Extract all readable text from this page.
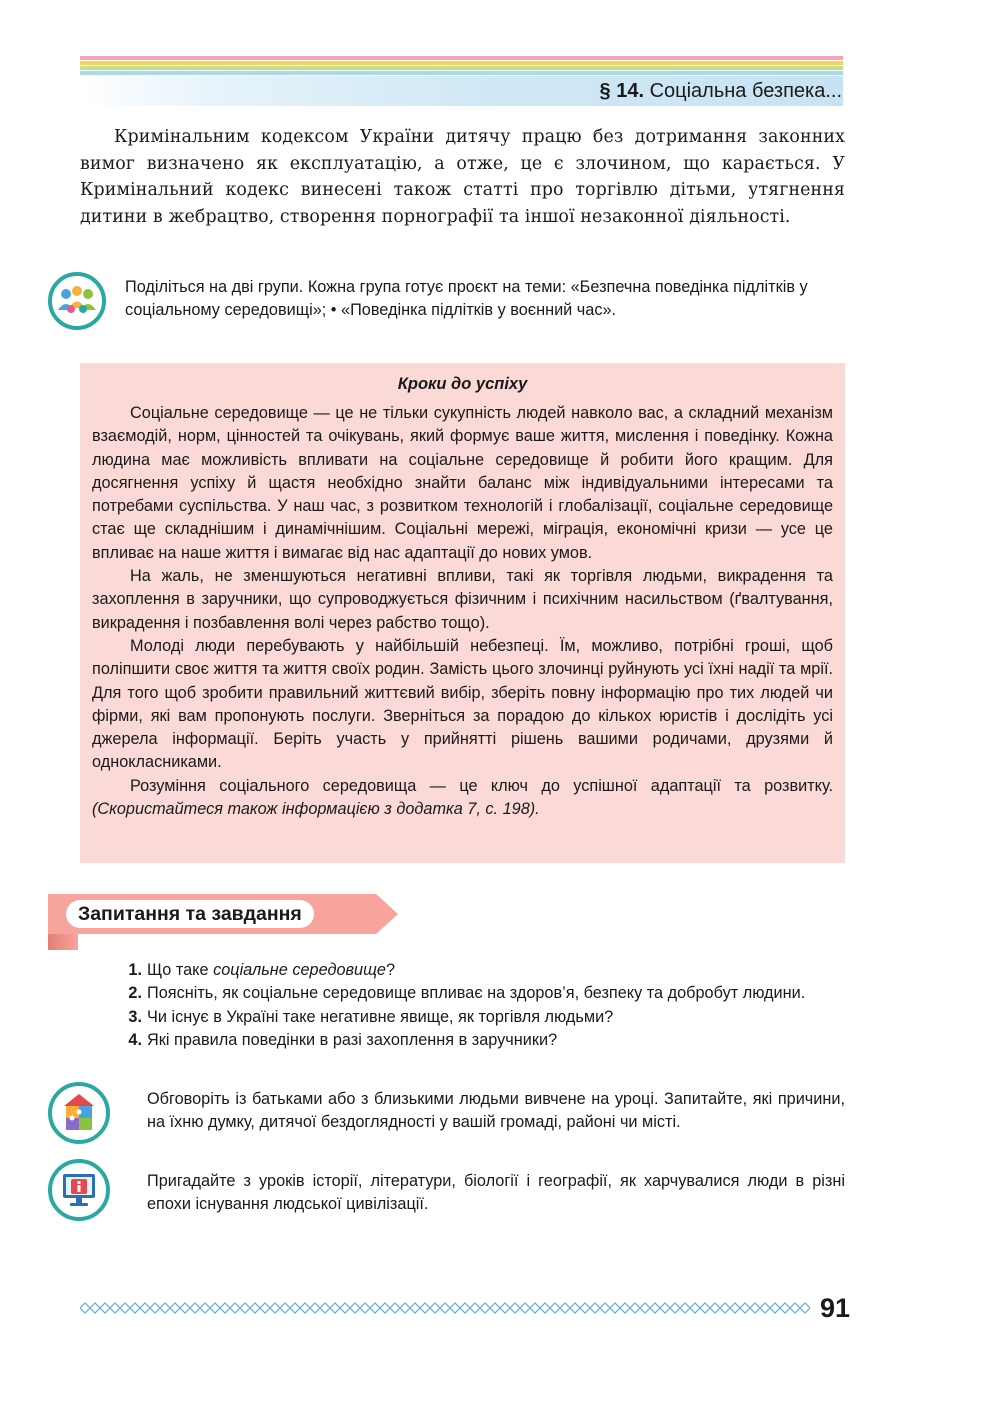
§ 14. Соціальна безпека...

Кримінальним кодексом України дитячу працю без дотримання законних вимог визначено як експлуатацію, а отже, це є злочином, що карається. У Кримінальний кодекс винесені також статті про торгівлю дітьми, утягнення дитини в жебрацтво, створення порнографії та іншої незаконної діяльності.

Поділіться на дві групи. Кожна група готує проєкт на теми: «Безпечна поведінка підлітків у соціальному середовищі»; • «Поведінка підлітків у воєнний час».

Кроки до успіху

Соціальне середовище — це не тільки сукупність людей навколо вас, а складний механізм взаємодій, норм, цінностей та очікувань, який формує ваше життя, мислення і поведінку. Кожна людина має можливість впливати на соціальне середовище й робити його кращим. Для досягнення успіху й щастя необхідно знайти баланс між індивідуальними інтересами та потребами суспільства. У наш час, з розвитком технологій і глобалізації, соціальне середовище стає ще складнішим і динамічнішим. Соціальні мережі, міграція, економічні кризи — усе це впливає на наше життя і вимагає від нас адаптації до нових умов.

На жаль, не зменшуються негативні впливи, такі як торгівля людьми, викрадення та захоплення в заручники, що супроводжується фізичним і психічним насильством (ґвалтування, викрадення і позбавлення волі через рабство тощо).

Молоді люди перебувають у найбільшій небезпеці. Їм, можливо, потрібні гроші, щоб поліпшити своє життя та життя своїх родин. Замість цього злочинці руйнують усі їхні надії та мрії. Для того щоб зробити правильний життєвий вибір, зберіть повну інформацію про тих людей чи фірми, які вам пропонують послуги. Зверніться за порадою до кількох юристів і дослідіть усі джерела інформації. Беріть участь у прийнятті рішень вашими родичами, друзями й однокласниками.

Розуміння соціального середовища — це ключ до успішної адаптації та розвитку. (Скористайтеся також інформацією з додатка 7, с. 198).

Запитання та завдання
1. Що таке соціальне середовище?
2. Поясніть, як соціальне середовище впливає на здоров’я, безпеку та добробут людини.
3. Чи існує в Україні таке негативне явище, як торгівля людьми?
4. Які правила поведінки в разі захоплення в заручники?

Обговоріть із батьками або з близькими людьми вивчене на уроці. Запитайте, які причини, на їхню думку, дитячої бездоглядності у вашій громаді, районі чи місті.

Пригадайте з уроків історії, літератури, біології і географії, як харчувалися люди в різні епохи існування людської цивілізації.

91
